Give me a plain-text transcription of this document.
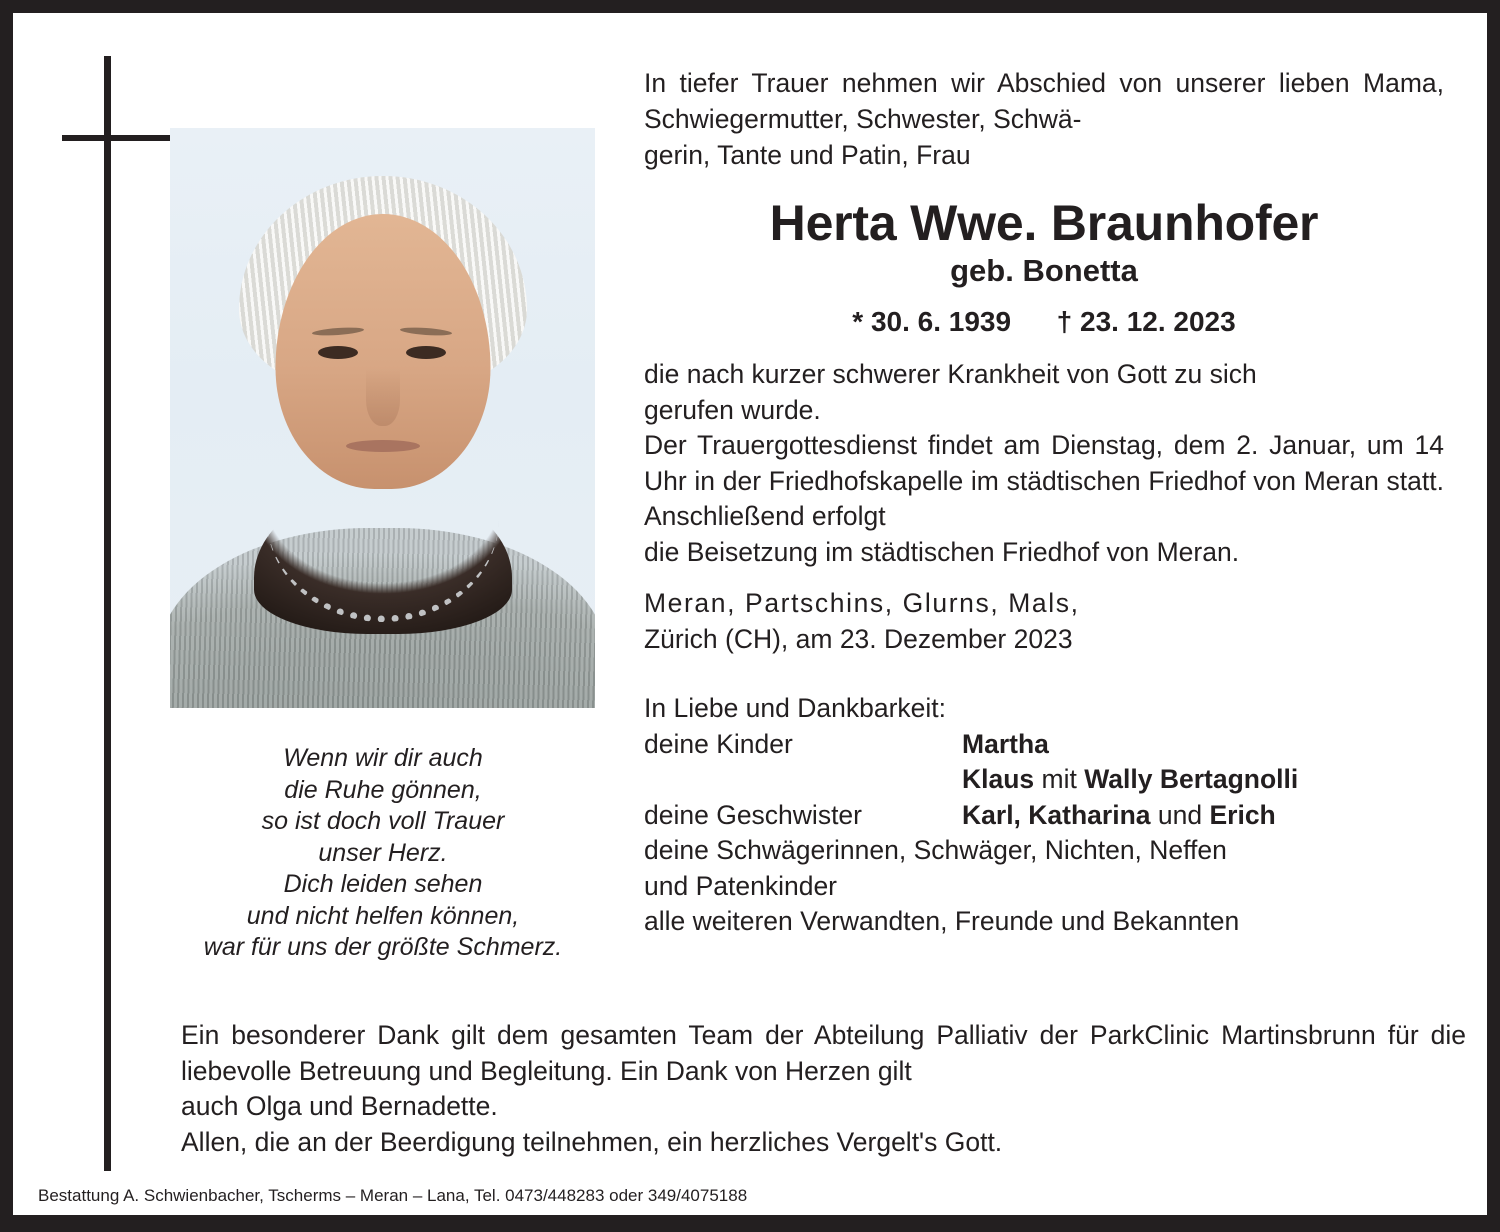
Wenn wir dir auch
die Ruhe gönnen,
so ist doch voll Trauer
unser Herz.
Dich leiden sehen
und nicht helfen können,
war für uns der größte Schmerz.
In tiefer Trauer nehmen wir Abschied von unserer lieben Mama, Schwiegermutter, Schwester, Schwä-
gerin, Tante und Patin, Frau
Herta Wwe. Braunhofer
geb. Bonetta
* 30. 6. 1939 † 23. 12. 2023
die nach kurzer schwerer Krankheit von Gott zu sich
gerufen wurde.
Der Trauergottesdienst findet am Dienstag, dem 2. Januar, um 14 Uhr in der Friedhofskapelle im städtischen Friedhof von Meran statt. Anschließend erfolgt
die Beisetzung im städtischen Friedhof von Meran.
Meran, Partschins, Glurns, Mals,
Zürich (CH), am 23. Dezember 2023
In Liebe und Dankbarkeit:
deine Kinder	Martha
Klaus mit Wally Bertagnolli
deine Geschwister	Karl, Katharina und Erich
deine Schwägerinnen, Schwäger, Nichten, Neffen
und Patenkinder
alle weiteren Verwandten, Freunde und Bekannten
Ein besonderer Dank gilt dem gesamten Team der Abteilung Palliativ der ParkClinic Martinsbrunn für die liebevolle Betreuung und Begleitung. Ein Dank von Herzen gilt
auch Olga und Bernadette.
Allen, die an der Beerdigung teilnehmen, ein herzliches Vergelt's Gott.
Bestattung A. Schwienbacher, Tscherms – Meran – Lana, Tel. 0473/448283 oder 349/4075188
